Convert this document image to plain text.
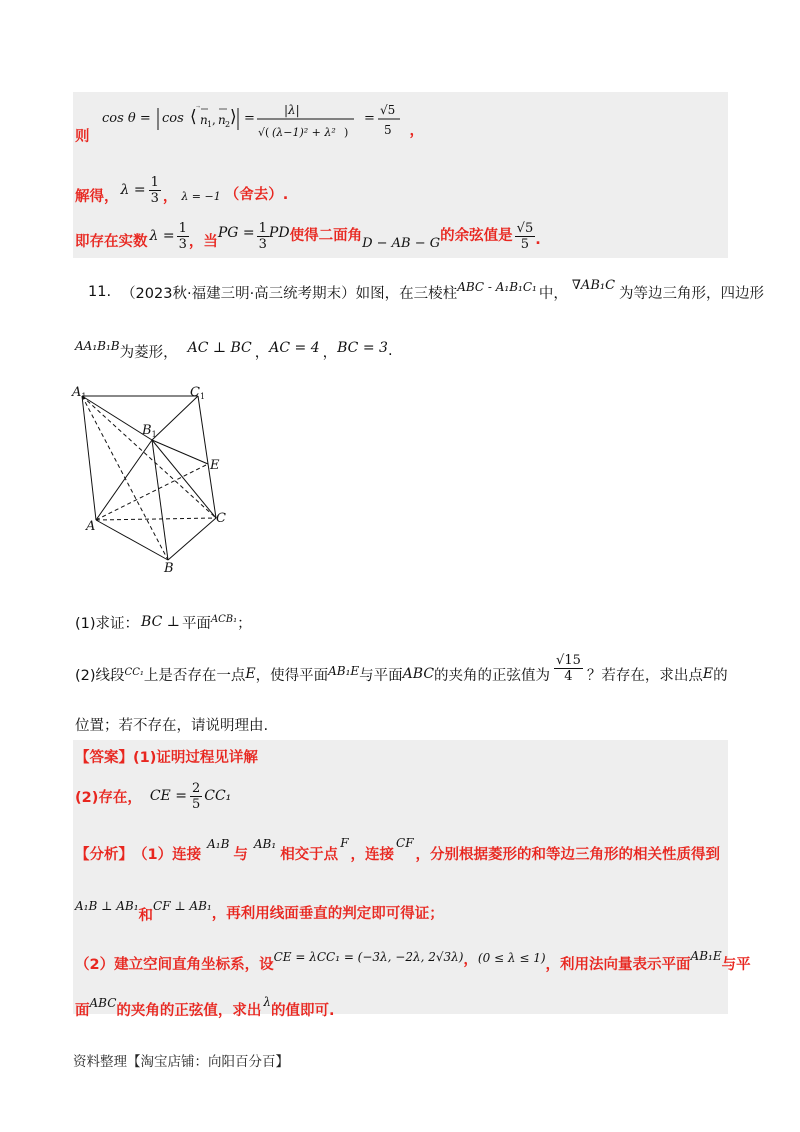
则
cos θ = cos ⟨ n 1 , n 2 ⟩ =
|λ|
√( (λ−1)² + λ² )
=
√5
5 ，
解得， $\lambda = \frac{1}{3}$ ， λ = −1 （舍去）.
即存在实数 $\lambda = \frac{1}{3}$ ，当
PG = $\frac{1}{3}$ PD 使得二面角 D − AB − G 的余弦值是 $\frac{√5}{5}$ .
11. （2023秋·福建三明·高三统考期末）如图，在三棱柱 ABC - A₁B₁C₁ 中，
∇AB₁C
为等边三角形，四边形
AA₁B₁B 为菱形， AC ⊥ BC ， AC = 4 ， BC = 3 .
$A_1$	$C_1$
$B_1$
E
A
C
B
(1)求证： BC ⊥ 平面 ACB₁ ；
(2)线段 CC₁ 上是否存在一点 E ，使得平面 AB₁E 与平面 ABC 的夹角的正弦值为 $\frac{√15}{4}$ ？若存在，求出点 E 的
位置；若不存在，请说明理由.
【答案】 (1)证明过程见详解
(2)存在， CE = $\frac{2}{5} CC_1$
【分析】 （1）连接
A₁B
与
AB₁
相交于点
F
，连接
CF
，分别根据菱形的和等边三角形的相关性质得到
A₁B ⊥ AB₁
和
CF ⊥ AB₁ ，再利用线面垂直的判定即可得证；
（2）建立空间直角坐标系，设 CE = λCC₁ = (−3λ, −2λ, 2√3λ) ， (0 ≤ λ ≤ 1) ，利用法向量表示平面
AB₁E
与平
面 ABC 的夹角的正弦值，求出
λ
的值即可.
资料整理【淘宝店铺：向阳百分百】
